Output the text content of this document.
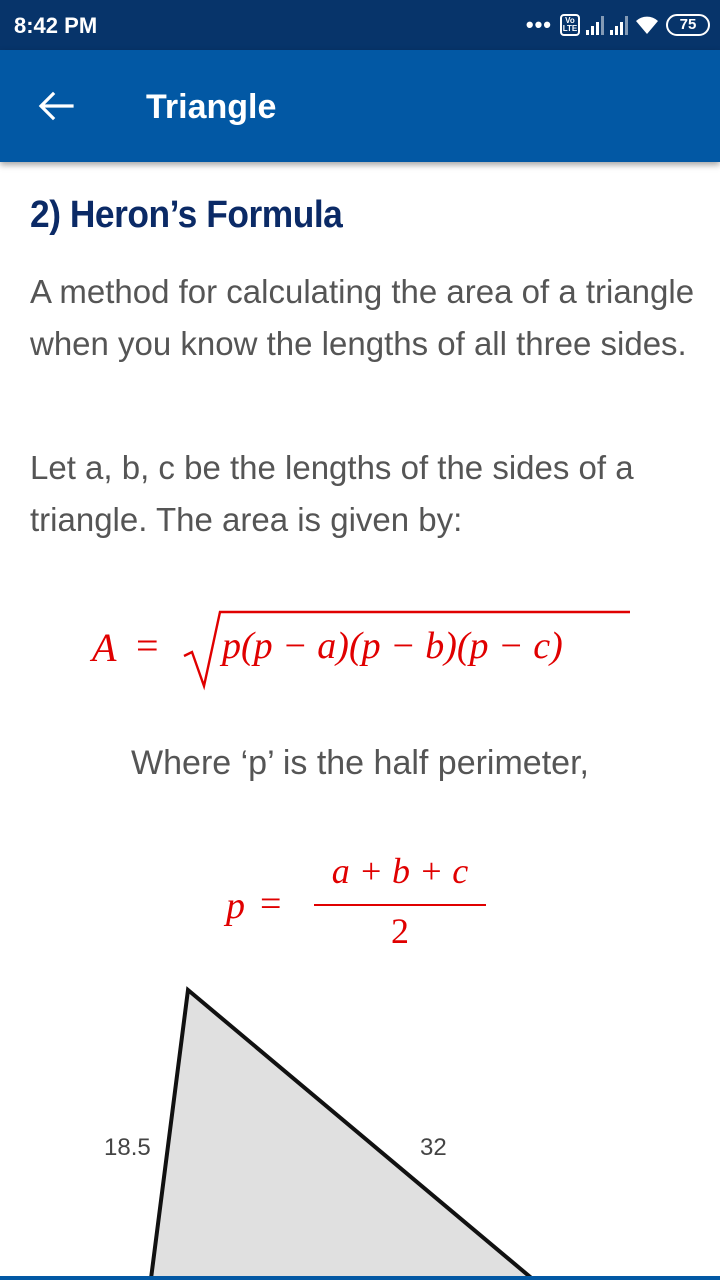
8:42 PM	•••	Vo LTE	75
Triangle
2) Heron’s Formula

A method for calculating the area of a triangle when you know the lengths of all three sides.

Let a, b, c be the lengths of the sides of a triangle. The area is given by:

A = p(p − a)(p − b)(p − c)
Where ‘p’ is the half perimeter,
p =
a + b + c
2
18.5	32
